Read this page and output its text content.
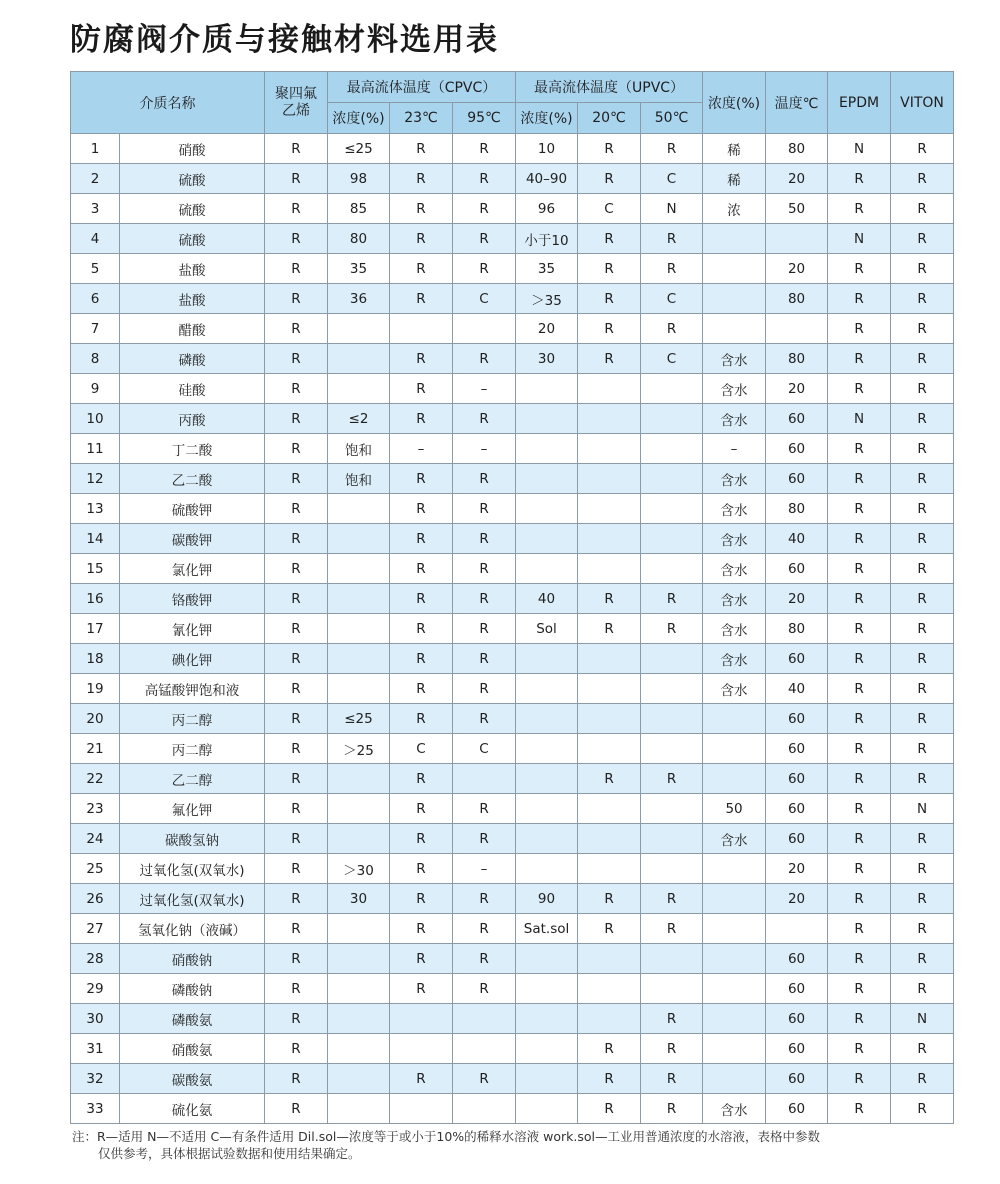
防腐阀介质与接触材料选用表
介质名称		聚四氟乙烯	最高流体温度（CPVC）			最高流体温度（UPVC）			浓度(%)	温度℃	EPDM	VITON
			浓度(%)	23℃	95℃	浓度(%)	20℃	50℃				
1	硝酸	R	≤25	R	R	10	R	R	稀	80	N	R
2	硫酸	R	98	R	R	40–90	R	C	稀	20	R	R
3	硫酸	R	85	R	R	96	C	N	浓	50	R	R
4	硫酸	R	80	R	R	小于10	R	R			N	R
5	盐酸	R	35	R	R	35	R	R		20	R	R
6	盐酸	R	36	R	C	＞35	R	C		80	R	R
7	醋酸	R				20	R	R			R	R
8	磷酸	R		R	R	30	R	C	含水	80	R	R
9	硅酸	R		R	–				含水	20	R	R
10	丙酸	R	≤2	R	R				含水	60	N	R
11	丁二酸	R	饱和	–	–				–	60	R	R
12	乙二酸	R	饱和	R	R				含水	60	R	R
13	硫酸钾	R		R	R				含水	80	R	R
14	碳酸钾	R		R	R				含水	40	R	R
15	氯化钾	R		R	R				含水	60	R	R
16	铬酸钾	R		R	R	40	R	R	含水	20	R	R
17	氰化钾	R		R	R	Sol	R	R	含水	80	R	R
18	碘化钾	R		R	R				含水	60	R	R
19	高锰酸钾饱和液	R		R	R				含水	40	R	R
20	丙二醇	R	≤25	R	R					60	R	R
21	丙二醇	R	＞25	C	C					60	R	R
22	乙二醇	R		R			R	R		60	R	R
23	氟化钾	R		R	R				50	60	R	N
24	碳酸氢钠	R		R	R				含水	60	R	R
25	过氧化氢(双氧水)	R	＞30	R	–					20	R	R
26	过氧化氢(双氧水)	R	30	R	R	90	R	R		20	R	R
27	氢氧化钠（液碱）	R		R	R	Sat.sol	R	R			R	R
28	硝酸钠	R		R	R					60	R	R
29	磷酸钠	R		R	R					60	R	R
30	磷酸氨	R						R		60	R	N
31	硝酸氨	R					R	R		60	R	R
32	碳酸氨	R		R	R		R	R		60	R	R
33	硫化氨	R					R	R	含水	60	R	R

注：R—适用 N—不适用 C—有条件适用 Dil.sol—浓度等于或小于10%的稀释水溶液 work.sol—工业用普通浓度的水溶液，表格中参数
仅供参考，具体根据试验数据和使用结果确定。
